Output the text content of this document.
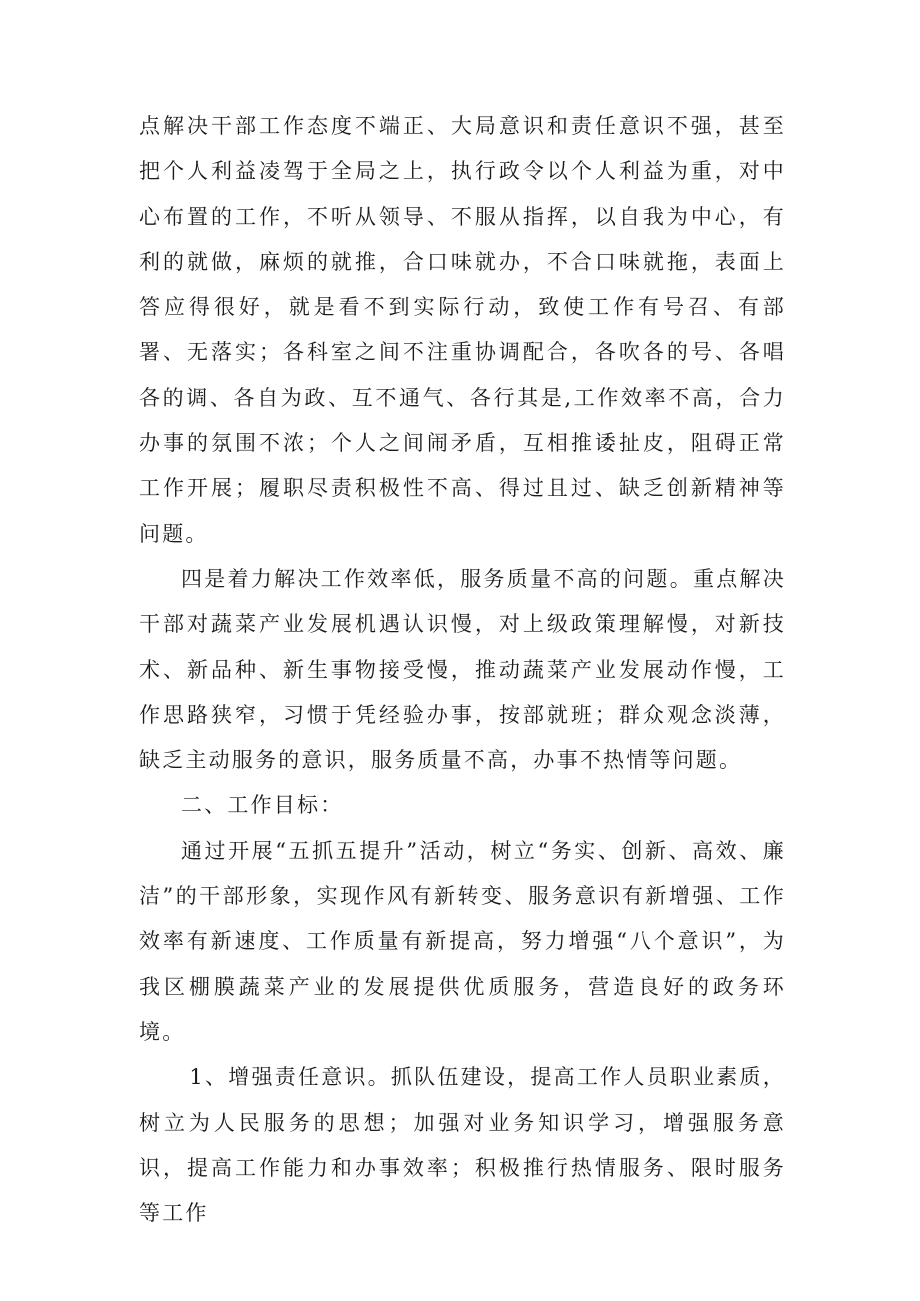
点解决干部工作态度不端正、大局意识和责任意识不强，甚至把个人利益凌驾于全局之上，执行政令以个人利益为重，对中心布置的工作，不听从领导、不服从指挥，以自我为中心，有利的就做，麻烦的就推，合口味就办，不合口味就拖，表面上答应得很好，就是看不到实际行动，致使工作有号召、有部署、无落实；各科室之间不注重协调配合，各吹各的号、各唱各的调、各自为政、互不通气、各行其是,工作效率不高，合力办事的氛围不浓；个人之间闹矛盾，互相推诿扯皮，阻碍正常工作开展；履职尽责积极性不高、得过且过、缺乏创新精神等问题。

四是着力解决工作效率低，服务质量不高的问题。重点解决干部对蔬菜产业发展机遇认识慢，对上级政策理解慢，对新技术、新品种、新生事物接受慢，推动蔬菜产业发展动作慢，工作思路狭窄，习惯于凭经验办事，按部就班；群众观念淡薄，缺乏主动服务的意识，服务质量不高，办事不热情等问题。

二、工作目标：

通过开展“五抓五提升”活动，树立“务实、创新、高效、廉洁”的干部形象，实现作风有新转变、服务意识有新增强、工作效率有新速度、工作质量有新提高，努力增强“八个意识”，为我区棚膜蔬菜产业的发展提供优质服务，营造良好的政务环境。

1、增强责任意识。抓队伍建设，提高工作人员职业素质，树立为人民服务的思想；加强对业务知识学习，增强服务意识，提高工作能力和办事效率；积极推行热情服务、限时服务等工作
